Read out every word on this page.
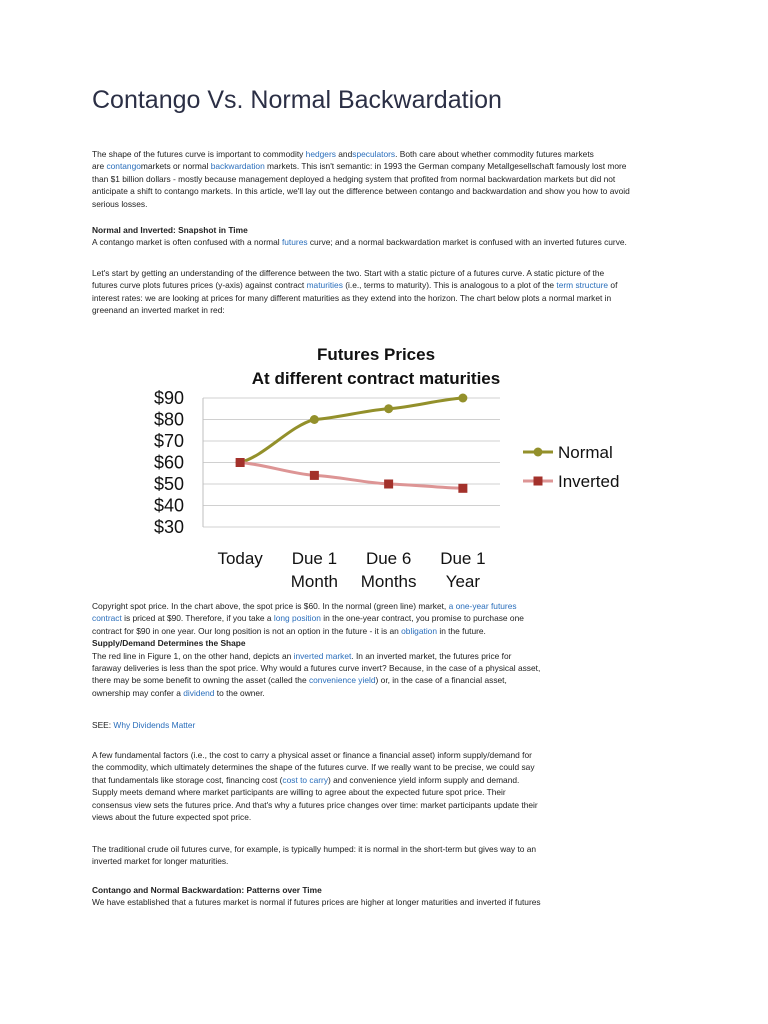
Contango Vs. Normal Backwardation
The shape of the futures curve is important to commodity hedgers andspeculators. Both care about whether commodity futures markets
are contangomarkets or normal backwardation markets. This isn't semantic: in 1993 the German company Metallgesellschaft famously lost more
than $1 billion dollars - mostly because management deployed a hedging system that profited from normal backwardation markets but did not
anticipate a shift to contango markets. In this article, we'll lay out the difference between contango and backwardation and show you how to avoid
serious losses.
Normal and Inverted: Snapshot in Time
A contango market is often confused with a normal futures curve; and a normal backwardation market is confused with an inverted futures curve.
Let's start by getting an understanding of the difference between the two. Start with a static picture of a futures curve. A static picture of the
futures curve plots futures prices (y-axis) against contract maturities (i.e., terms to maturity). This is analogous to a plot of the term structure of
interest rates: we are looking at prices for many different maturities as they extend into the horizon. The chart below plots a normal market in
greenand an inverted market in red:
Futures Prices
At different contract maturities
$90
$80
$70
$60
$50
$40
$30
Today Due 1 Month
Due 6 Months
Due 1 Year
Normal
Inverted
Copyright spot price. In the chart above, the spot price is $60. In the normal (green line) market, a one-year futures
contract is priced at $90. Therefore, if you take a long position in the one-year contract, you promise to purchase one
contract for $90 in one year. Our long position is not an option in the future - it is an obligation in the future.
Supply/Demand Determines the Shape
The red line in Figure 1, on the other hand, depicts an inverted market. In an inverted market, the futures price for
faraway deliveries is less than the spot price. Why would a futures curve invert? Because, in the case of a physical asset,
there may be some benefit to owning the asset (called the convenience yield) or, in the case of a financial asset,
ownership may confer a dividend to the owner.
SEE: Why Dividends Matter
A few fundamental factors (i.e., the cost to carry a physical asset or finance a financial asset) inform supply/demand for
the commodity, which ultimately determines the shape of the futures curve. If we really want to be precise, we could say
that fundamentals like storage cost, financing cost (cost to carry) and convenience yield inform supply and demand.
Supply meets demand where market participants are willing to agree about the expected future spot price. Their
consensus view sets the futures price. And that's why a futures price changes over time: market participants update their
views about the future expected spot price.
The traditional crude oil futures curve, for example, is typically humped: it is normal in the short-term but gives way to an
inverted market for longer maturities.
Contango and Normal Backwardation: Patterns over Time
We have established that a futures market is normal if futures prices are higher at longer maturities and inverted if futures
